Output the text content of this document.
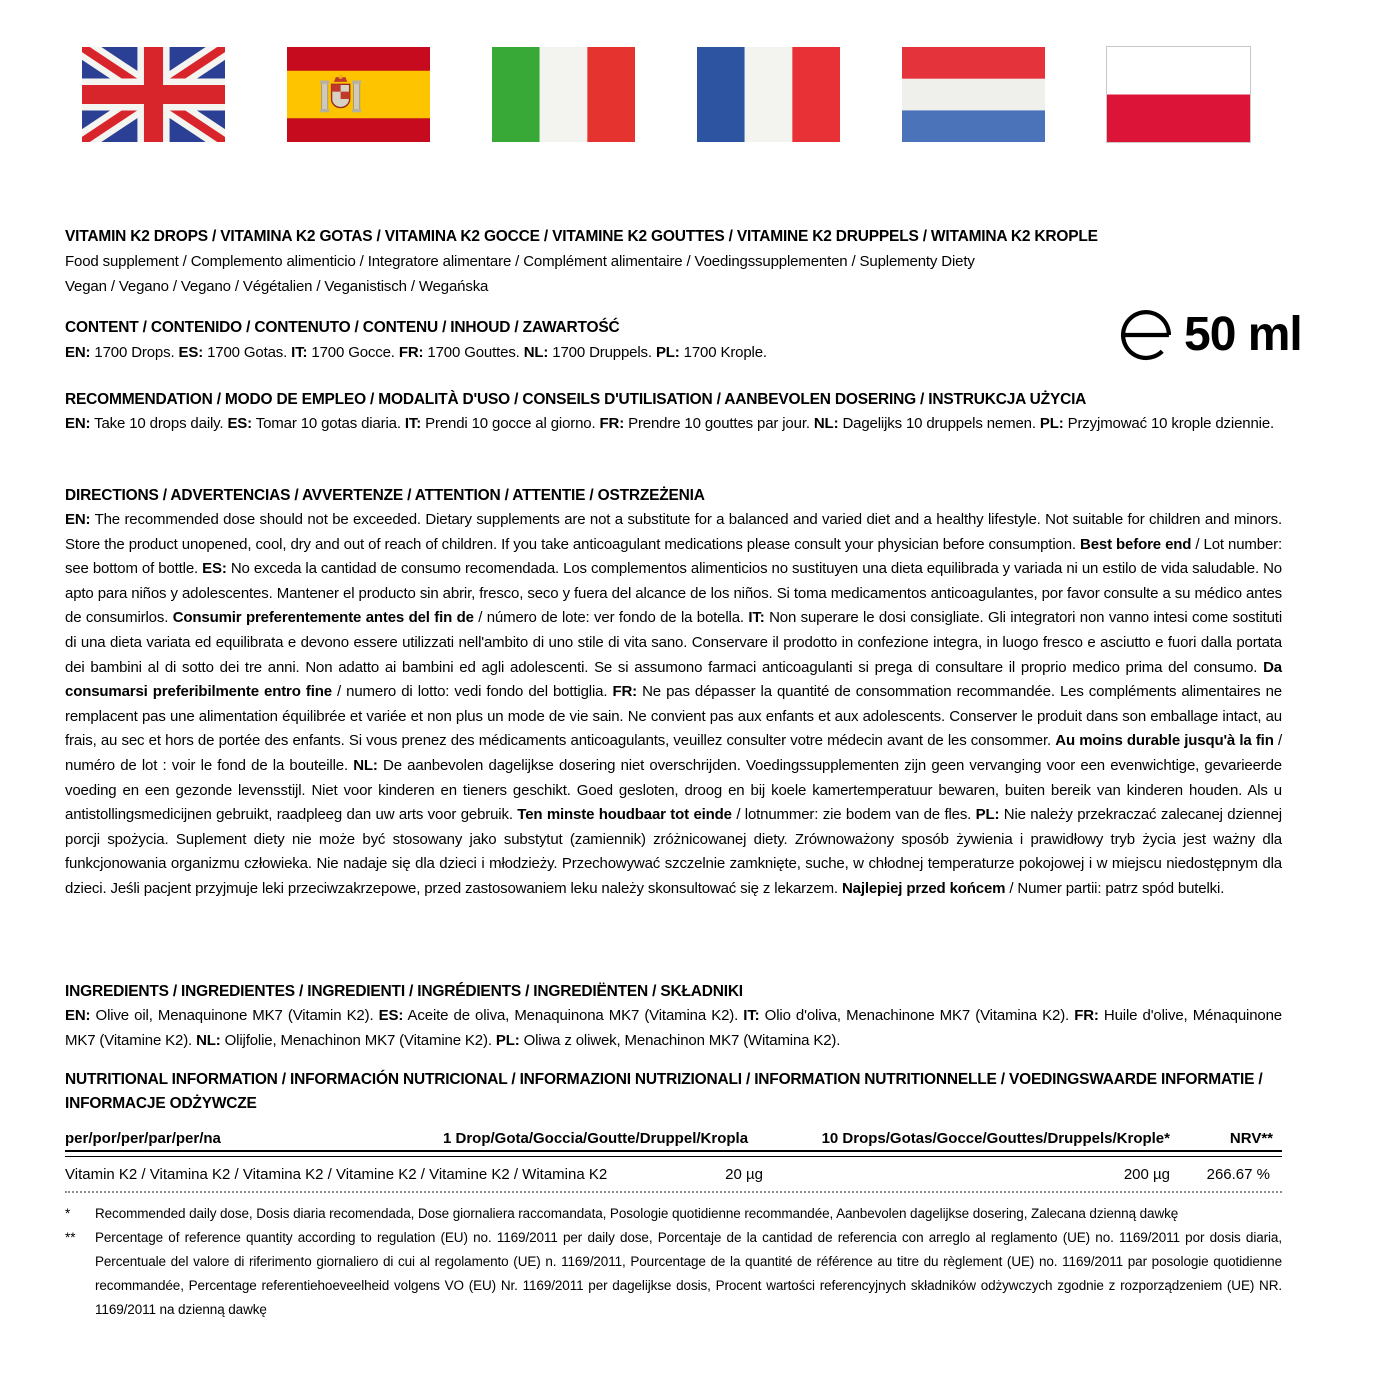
VITAMIN K2 DROPS / VITAMINA K2 GOTAS / VITAMINA K2 GOCCE / VITAMINE K2 GOUTTES / VITAMINE K2 DRUPPELS / WITAMINA K2 KROPLE

Food supplement / Complemento alimenticio / Integratore alimentare / Complément alimentaire / Voedingssupplementen / Suplementy Diety

Vegan / Vegano / Vegano / Végétalien / Veganistisch / Wegańska

CONTENT / CONTENIDO / CONTENUTO / CONTENU / INHOUD / ZAWARTOŚĆ

EN: 1700 Drops. ES: 1700 Gotas. IT: 1700 Gocce. FR: 1700 Gouttes. NL: 1700 Druppels. PL: 1700 Krople.	50 ml
RECOMMENDATION / MODO DE EMPLEO / MODALITÀ D'USO / CONSEILS D'UTILISATION / AANBEVOLEN DOSERING / INSTRUKCJA UŻYCIA

EN: Take 10 drops daily. ES: Tomar 10 gotas diaria. IT: Prendi 10 gocce al giorno. FR: Prendre 10 gouttes par jour. NL: Dagelijks 10 druppels nemen. PL: Przyjmować 10 krople dziennie.

DIRECTIONS / ADVERTENCIAS / AVVERTENZE / ATTENTION / ATTENTIE / OSTRZEŻENIA

EN: The recommended dose should not be exceeded. Dietary supplements are not a substitute for a balanced and varied diet and a healthy lifestyle. Not suitable for children and minors. Store the product unopened, cool, dry and out of reach of children. If you take anticoagulant medications please consult your physician before consumption. Best before end / Lot number: see bottom of bottle. ES: No exceda la cantidad de consumo recomendada. Los complementos alimenticios no sustituyen una dieta equilibrada y variada ni un estilo de vida saludable. No apto para niños y adolescentes. Mantener el producto sin abrir, fresco, seco y fuera del alcance de los niños. Si toma medicamentos anticoagulantes, por favor consulte a su médico antes de consumirlos. Consumir preferentemente antes del fin de / número de lote: ver fondo de la botella. IT: Non superare le dosi consigliate. Gli integratori non vanno intesi come sostituti di una dieta variata ed equilibrata e devono essere utilizzati nell'ambito di uno stile di vita sano. Conservare il prodotto in confezione integra, in luogo fresco e asciutto e fuori dalla portata dei bambini al di sotto dei tre anni. Non adatto ai bambini ed agli adolescenti. Se si assumono farmaci anticoagulanti si prega di consultare il proprio medico prima del consumo. Da consumarsi preferibilmente entro fine / numero di lotto: vedi fondo del bottiglia. FR: Ne pas dépasser la quantité de consommation recommandée. Les compléments alimentaires ne remplacent pas une alimentation équilibrée et variée et non plus un mode de vie sain. Ne convient pas aux enfants et aux adolescents. Conserver le produit dans son emballage intact, au frais, au sec et hors de portée des enfants. Si vous prenez des médicaments anticoagulants, veuillez consulter votre médecin avant de les consommer. Au moins durable jusqu'à la fin / numéro de lot : voir le fond de la bouteille. NL: De aanbevolen dagelijkse dosering niet overschrijden. Voedingssupplementen zijn geen vervanging voor een evenwichtige, gevarieerde voeding en een gezonde levensstijl. Niet voor kinderen en tieners geschikt. Goed gesloten, droog en bij koele kamertemperatuur bewaren, buiten bereik van kinderen houden. Als u antistollingsmedicijnen gebruikt, raadpleeg dan uw arts voor gebruik. Ten minste houdbaar tot einde / lotnummer: zie bodem van de fles. PL: Nie należy przekraczać zalecanej dziennej porcji spożycia. Suplement diety nie może być stosowany jako substytut (zamiennik) zróżnicowanej diety. Zrównoważony sposób żywienia i prawidłowy tryb życia jest ważny dla funkcjonowania organizmu człowieka. Nie nadaje się dla dzieci i młodzieży. Przechowywać szczelnie zamknięte, suche, w chłodnej temperaturze pokojowej i w miejscu niedostępnym dla dzieci. Jeśli pacjent przyjmuje leki przeciwzakrzepowe, przed zastosowaniem leku należy skonsultować się z lekarzem. Najlepiej przed końcem / Numer partii: patrz spód butelki.

INGREDIENTS / INGREDIENTES / INGREDIENTI / INGRÉDIENTS / INGREDIËNTEN / SKŁADNIKI

EN: Olive oil, Menaquinone MK7 (Vitamin K2). ES: Aceite de oliva, Menaquinona MK7 (Vitamina K2). IT: Olio d'oliva, Menachinone MK7 (Vitamina K2). FR: Huile d'olive, Ménaquinone MK7 (Vitamine K2). NL: Olijfolie, Menachinon MK7 (Vitamine K2). PL: Oliwa z oliwek, Menachinon MK7 (Witamina K2).

NUTRITIONAL INFORMATION / INFORMACIÓN NUTRICIONAL / INFORMAZIONI NUTRIZIONALI / INFORMATION NUTRITIONNELLE / VOEDINGSWAARDE INFORMATIE / INFORMACJE ODŻYWCZE
per/por/per/par/per/na	1 Drop/Gota/Goccia/Goutte/Druppel/Kropla	10 Drops/Gotas/Gocce/Gouttes/Druppels/Krople*	NRV**
Vitamin K2 / Vitamina K2 / Vitamina K2 / Vitamine K2 / Vitamine K2 / Witamina K2	20 µg	200 µg	266.67 %
*	Recommended daily dose, Dosis diaria recomendada, Dose giornaliera raccomandata, Posologie quotidienne recommandée, Aanbevolen dagelijkse dosering, Zalecana dzienną dawkę

**	Percentage of reference quantity according to regulation (EU) no. 1169/2011 per daily dose, Porcentaje de la cantidad de referencia con arreglo al reglamento (UE) no. 1169/2011 por dosis diaria, Percentuale del valore di riferimento giornaliero di cui al regolamento (UE) n. 1169/2011, Pourcentage de la quantité de référence au titre du règlement (UE) no. 1169/2011 par posologie quotidienne recommandée, Percentage referentiehoeveelheid volgens VO (EU) Nr. 1169/2011 per dagelijkse dosis, Procent wartości referencyjnych składników odżywczych zgodnie z rozporządzeniem (UE) NR. 1169/2011 na dzienną dawkę
